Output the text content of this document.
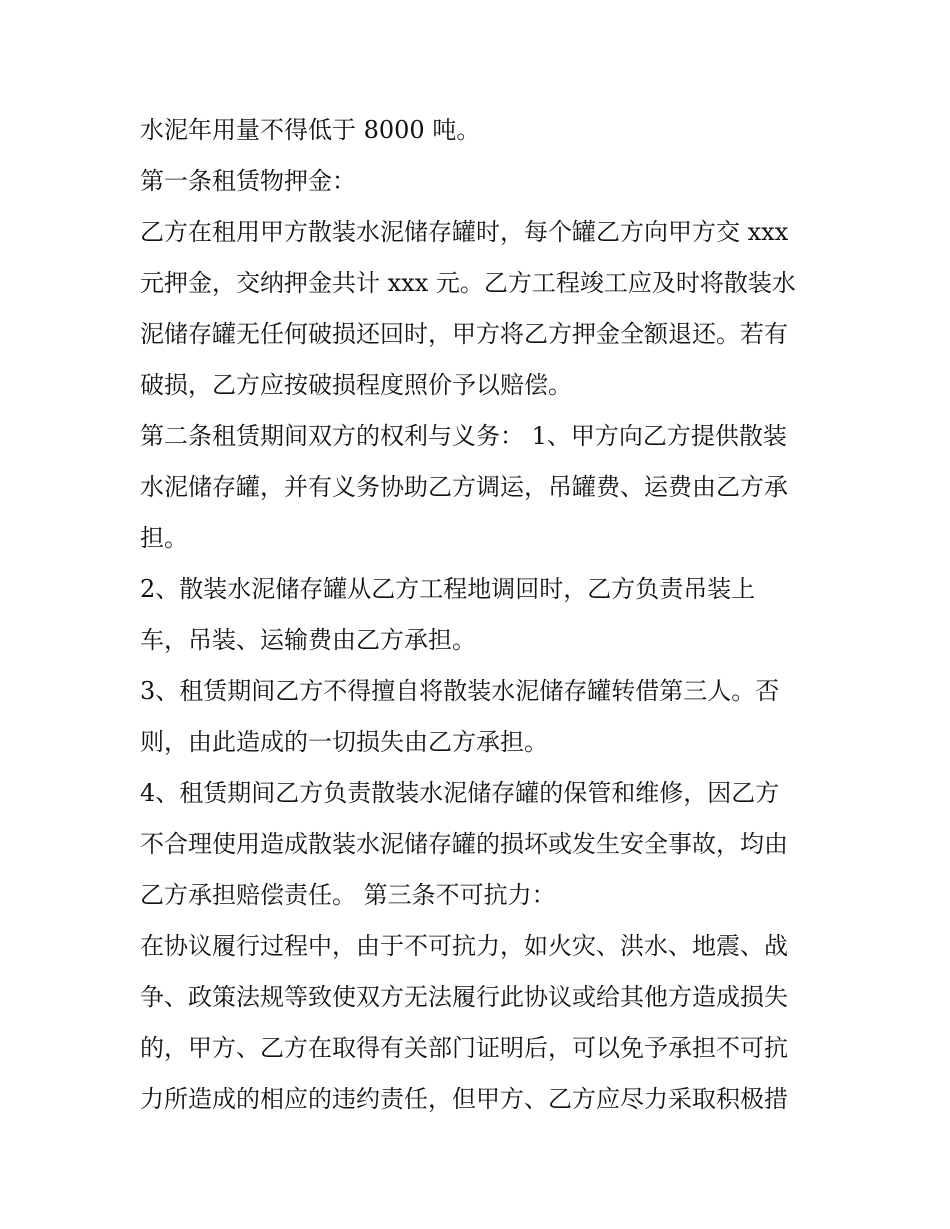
水泥年用量不得低于 8000 吨。

第一条租赁物押金：

乙方在租用甲方散装水泥储存罐时，每个罐乙方向甲方交 xxx

元押金，交纳押金共计 xxx 元。乙方工程竣工应及时将散装水

泥储存罐无任何破损还回时，甲方将乙方押金全额退还。若有

破损，乙方应按破损程度照价予以赔偿。

第二条租赁期间双方的权利与义务： 1、甲方向乙方提供散装

水泥储存罐，并有义务协助乙方调运，吊罐费、运费由乙方承

担。

2、散装水泥储存罐从乙方工程地调回时，乙方负责吊装上

车，吊装、运输费由乙方承担。

3、租赁期间乙方不得擅自将散装水泥储存罐转借第三人。否

则，由此造成的一切损失由乙方承担。

4、租赁期间乙方负责散装水泥储存罐的保管和维修，因乙方

不合理使用造成散装水泥储存罐的损坏或发生安全事故，均由

乙方承担赔偿责任。 第三条不可抗力：

在协议履行过程中，由于不可抗力，如火灾、洪水、地震、战

争、政策法规等致使双方无法履行此协议或给其他方造成损失

的，甲方、乙方在取得有关部门证明后，可以免予承担不可抗

力所造成的相应的违约责任，但甲方、乙方应尽力采取积极措
